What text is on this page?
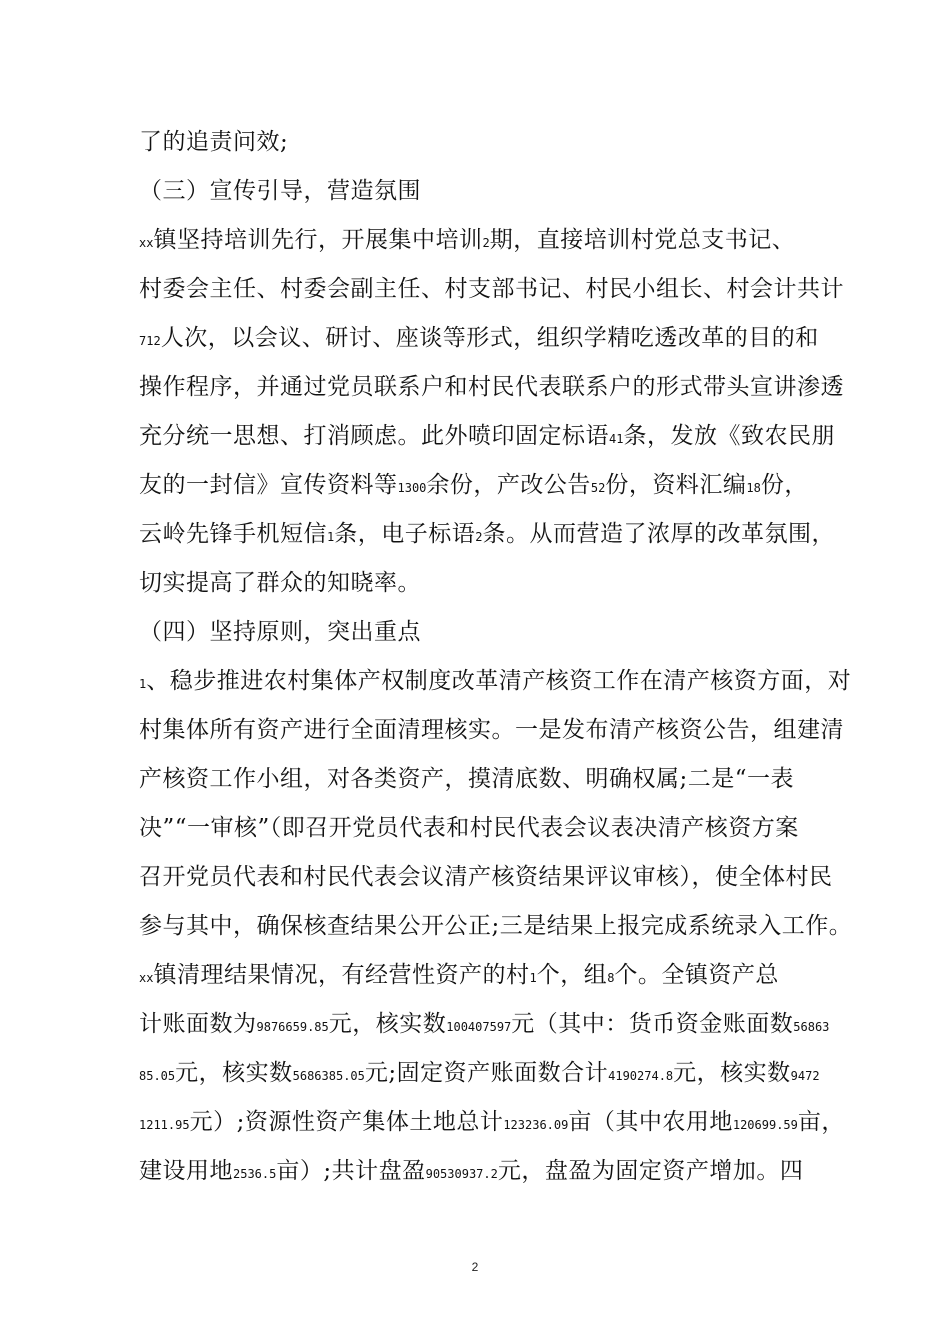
了的追责问效;
（三）宣传引导，营造氛围
xx镇坚持培训先行，开展集中培训2期，直接培训村党总支书记、
村委会主任、村委会副主任、村支部书记、村民小组长、村会计共计
712人次，以会议、研讨、座谈等形式，组织学精吃透改革的目的和
操作程序，并通过党员联系户和村民代表联系户的形式带头宣讲渗透
充分统一思想、打消顾虑。此外喷印固定标语41条，发放《致农民朋
友的一封信》宣传资料等1300余份，产改公告52份，资料汇编18份，
云岭先锋手机短信1条，电子标语2条。从而营造了浓厚的改革氛围，
切实提高了群众的知晓率。
（四）坚持原则，突出重点
1、稳步推进农村集体产权制度改革清产核资工作在清产核资方面，对
村集体所有资产进行全面清理核实。一是发布清产核资公告，组建清
产核资工作小组，对各类资产，摸清底数、明确权属;二是“一表
决”“一审核”（即召开党员代表和村民代表会议表决清产核资方案
召开党员代表和村民代表会议清产核资结果评议审核），使全体村民
参与其中，确保核查结果公开公正;三是结果上报完成系统录入工作。
xx镇清理结果情况，有经营性资产的村1个，组8个。全镇资产总
计账面数为9876659.85元，核实数100407597元（其中：货币资金账面数56863
85.05元，核实数5686385.05元;固定资产账面数合计4190274.8元，核实数9472
1211.95元）;资源性资产集体土地总计123236.09亩（其中农用地120699.59亩，
建设用地2536.5亩）;共计盘盈90530937.2元，盘盈为固定资产增加。四
2
